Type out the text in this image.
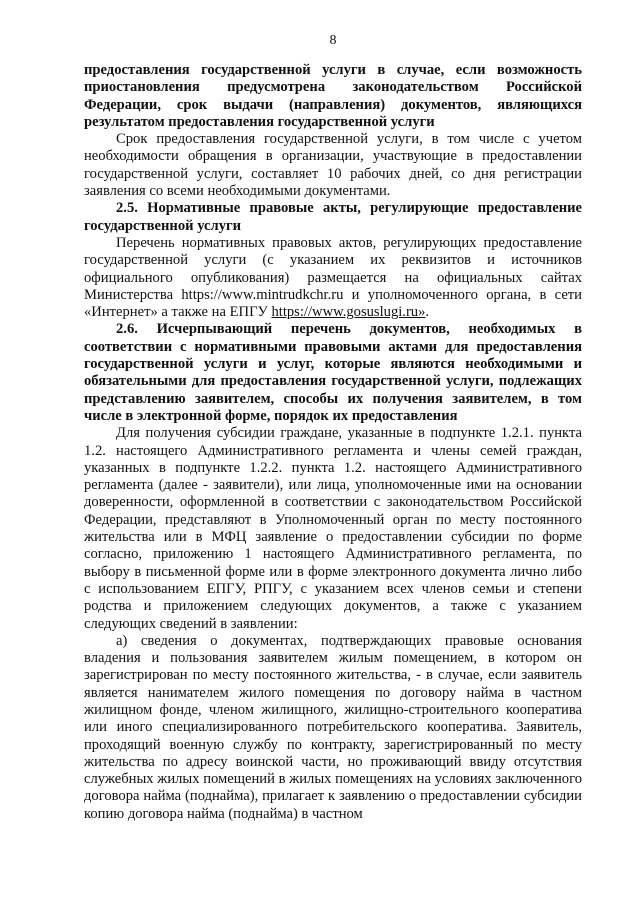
8

предоставления государственной услуги в случае, если возможность приостановления предусмотрена законодательством Российской Федерации, срок выдачи (направления) документов, являющихся результатом предоставления государственной услуги

Срок предоставления государственной услуги, в том числе с учетом необходимости обращения в организации, участвующие в предоставлении государственной услуги, составляет 10 рабочих дней, со дня регистрации заявления со всеми необходимыми документами.

2.5. Нормативные правовые акты, регулирующие предоставление государственной услуги

Перечень нормативных правовых актов, регулирующих предоставление государственной услуги (с указанием их реквизитов и источников официального опубликования) размещается на официальных сайтах Министерства https://www.mintrudkchr.ru и уполномоченного органа, в сети «Интернет» а также на ЕПГУ https://www.gosuslugi.ru».

2.6. Исчерпывающий перечень документов, необходимых в соответствии с нормативными правовыми актами для предоставления государственной услуги и услуг, которые являются необходимыми и обязательными для предоставления государственной услуги, подлежащих представлению заявителем, способы их получения заявителем, в том числе в электронной форме, порядок их предоставления

Для получения субсидии граждане, указанные в подпункте 1.2.1. пункта 1.2. настоящего Административного регламента и члены семей граждан, указанных в подпункте 1.2.2. пункта 1.2. настоящего Административного регламента (далее - заявители), или лица, уполномоченные ими на основании доверенности, оформленной в соответствии с законодательством Российской Федерации, представляют в Уполномоченный орган по месту постоянного жительства или в МФЦ заявление о предоставлении субсидии по форме согласно, приложению 1 настоящего Административного регламента, по выбору в письменной форме или в форме электронного документа лично либо с использованием ЕПГУ, РПГУ, с указанием всех членов семьи и степени родства и приложением следующих документов, а также с указанием следующих сведений в заявлении:

а) сведения о документах, подтверждающих правовые основания владения и пользования заявителем жилым помещением, в котором он зарегистрирован по месту постоянного жительства, - в случае, если заявитель является нанимателем жилого помещения по договору найма в частном жилищном фонде, членом жилищного, жилищно-строительного кооператива или иного специализированного потребительского кооператива. Заявитель, проходящий военную службу по контракту, зарегистрированный по месту жительства по адресу воинской части, но проживающий ввиду отсутствия служебных жилых помещений в жилых помещениях на условиях заключенного договора найма (поднайма), прилагает к заявлению о предоставлении субсидии копию договора найма (поднайма) в частном
